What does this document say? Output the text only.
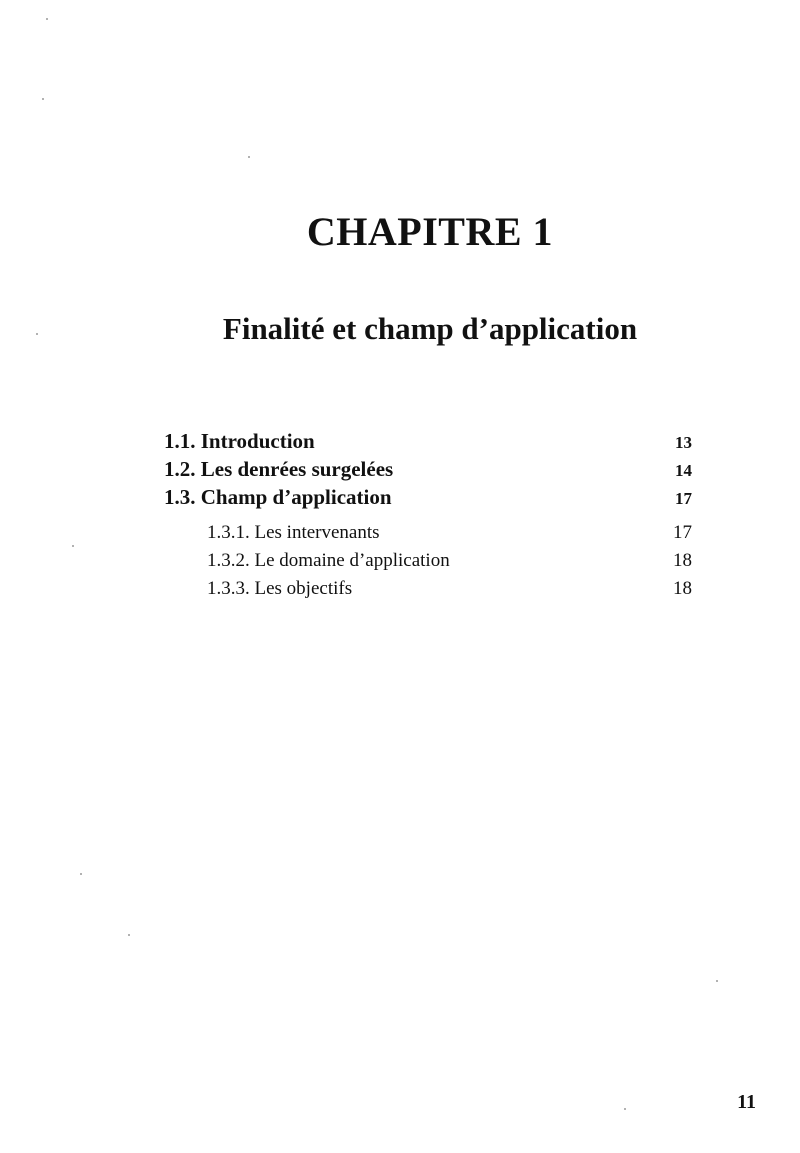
CHAPITRE 1
Finalité et champ d’application
1.1. Introduction	13
1.2. Les denrées surgelées	14
1.3. Champ d’application	17
1.3.1. Les intervenants	17
1.3.2. Le domaine d’application	18
1.3.3. Les objectifs	18
11
